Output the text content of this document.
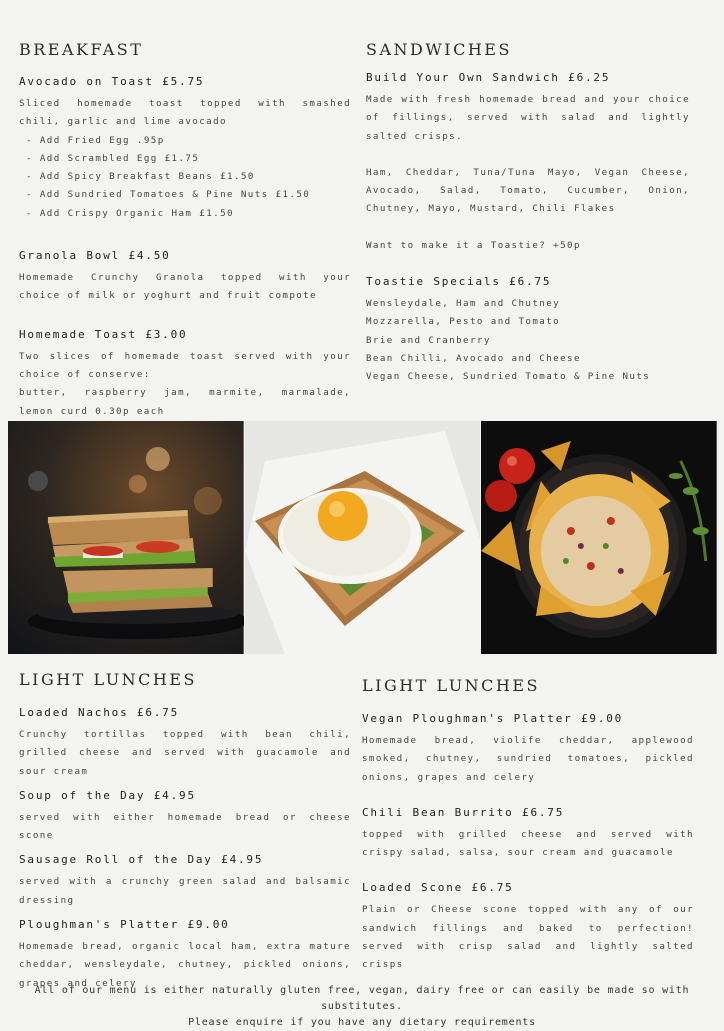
BREAKFAST
Avocado on Toast £5.75

Sliced homemade toast topped with smashed chili, garlic and lime avocado

- Add Fried Egg .95p
- Add Scrambled Egg £1.75
- Add Spicy Breakfast Beans £1.50
- Add Sundried Tomatoes & Pine Nuts £1.50
- Add Crispy Organic Ham £1.50
Granola Bowl £4.50

Homemade Crunchy Granola topped with your choice of milk or yoghurt and fruit compote

Homemade Toast £3.00

Two slices of homemade toast served with your choice of conserve:

butter, raspberry jam, marmite, marmalade, lemon curd 0.30p each

SANDWICHES
Build Your Own Sandwich £6.25

Made with fresh homemade bread and your choice of fillings, served with salad and lightly salted crisps.

Ham, Cheddar, Tuna/Tuna Mayo, Vegan Cheese, Avocado, Salad, Tomato, Cucumber, Onion, Chutney, Mayo, Mustard, Chili Flakes

Want to make it a Toastie? +50p

Toastie Specials £6.75
Wensleydale, Ham and Chutney
Mozzarella, Pesto and Tomato
Brie and Cranberry
Bean Chilli, Avocado and Cheese
Vegan Cheese, Sundried Tomato & Pine Nuts
LIGHT LUNCHES
Loaded Nachos £6.75

Crunchy tortillas topped with bean chili, grilled cheese and served with guacamole and sour cream

Soup of the Day £4.95

served with either homemade bread or cheese scone

Sausage Roll of the Day £4.95

served with a crunchy green salad and balsamic dressing

Ploughman's Platter £9.00

Homemade bread, organic local ham, extra mature cheddar, wensleydale, chutney, pickled onions, grapes and celery

LIGHT LUNCHES
Vegan Ploughman's Platter £9.00

Homemade bread, violife cheddar, applewood smoked, chutney, sundried tomatoes, pickled onions, grapes and celery

Chili Bean Burrito £6.75

topped with grilled cheese and served with crispy salad, salsa, sour cream and guacamole

Loaded Scone £6.75

Plain or Cheese scone topped with any of our sandwich fillings and baked to perfection! served with crisp salad and lightly salted crisps

All of our menu is either naturally gluten free, vegan, dairy free or can easily be made so with substitutes.
Please enquire if you have any dietary requirements
